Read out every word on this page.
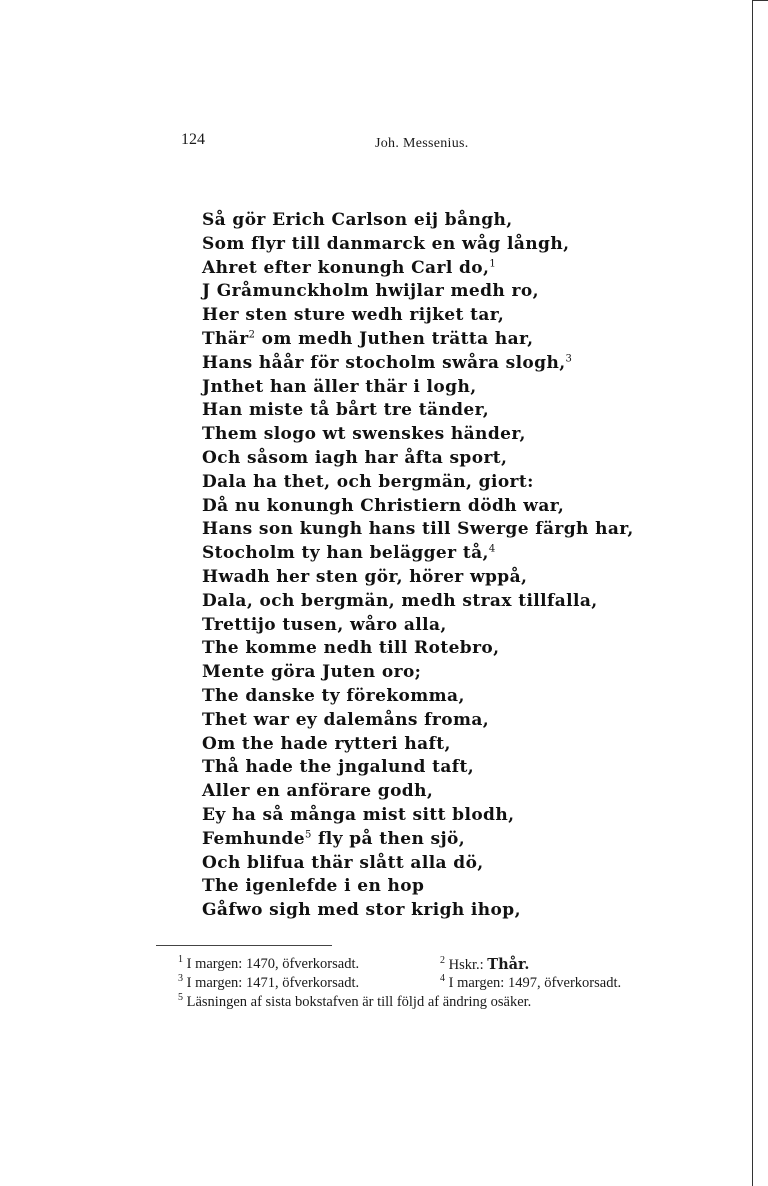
124	Joh. Messenius.
Så gör Erich Carlson eij bångh,
Som flyr till danmarck en wåg långh,
Ahret efter konungh Carl do,$^1$
J Gråmunckholm hwijlar medh ro,
Her sten sture wedh rijket tar,
Thär$^2$ om medh Juthen trätta har,
Hans håår för stocholm swåra slogh,$^3$
Jnthet han äller thär i logh,
Han miste tå bårt tre tänder,
Them slogo wt swenskes händer,
Och såsom iagh har åfta sport,
Dala ha thet, och bergmän, giort:
Då nu konungh Christiern dödh war,
Hans son kungh hans till Swerge färgh har,
Stocholm ty han belägger tå,$^4$
Hwadh her sten gör, hörer wppå,
Dala, och bergmän, medh strax tillfalla,
Trettijo tusen, wåro alla,
The komme nedh till Rotebro,
Mente göra Juten oro;
The danske ty förekomma,
Thet war ey dalemåns froma,
Om the hade rytteri haft,
Thå hade the jngalund taft,
Aller en anförare godh,
Ey ha så många mist sitt blodh,
Femhunde$^5$ fly på then sjö,
Och blifua thär slått alla dö,
The igenlefde i en hop
Gåfwo sigh med stor krigh ihop,
$^1$ I margen: 1470, öfverkorsadt.	$^2$ Hskr.: Thår.
$^3$ I margen: 1471, öfverkorsadt.	$^4$ I margen: 1497, öfverkorsadt.
$^5$ Läsningen af sista bokstafven är till följd af ändring osäker.
